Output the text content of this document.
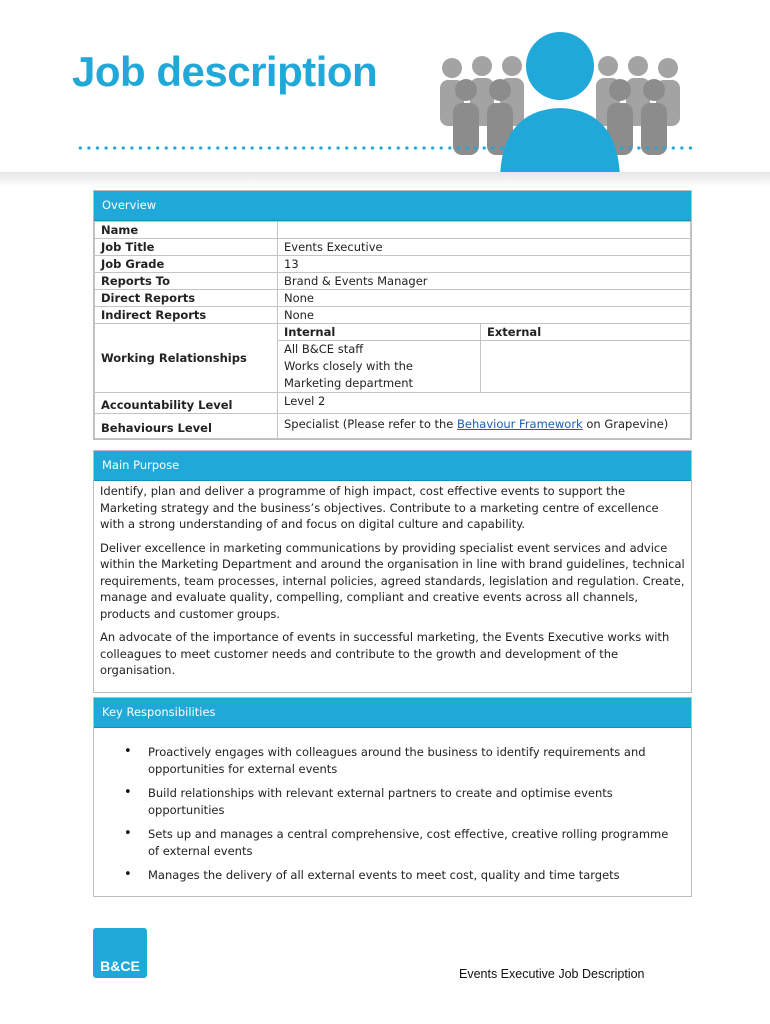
Job description
Overview
Name		
Job Title	Events Executive	
Job Grade	13	
Reports To	Brand & Events Manager	
Direct Reports	None	
Indirect Reports	None	
Working Relationships	Internal	External

	All B&CE staff
Works closely with the
Marketing department	

Accountability Level	Level 2	
Behaviours Level	Specialist (Please refer to the Behaviour Framework on Grapevine)	
Main Purpose

Identify, plan and deliver a programme of high impact, cost effective events to support the Marketing strategy and the business’s objectives. Contribute to a marketing centre of excellence with a strong understanding of and focus on digital culture and capability.

Deliver excellence in marketing communications by providing specialist event services and advice within the Marketing Department and around the organisation in line with brand guidelines, technical requirements, team processes, internal policies, agreed standards, legislation and regulation. Create, manage and evaluate quality, compelling, compliant and creative events across all channels, products and customer groups.

An advocate of the importance of events in successful marketing, the Events Executive works with colleagues to meet customer needs and contribute to the growth and development of the organisation.

Key Responsibilities
• Proactively engages with colleagues around the business to identify requirements and opportunities for external events
• Build relationships with relevant external partners to create and optimise events opportunities
• Sets up and manages a central comprehensive, cost effective, creative rolling programme of external events
• Manages the delivery of all external events to meet cost, quality and time targets
B&CE	Events Executive Job Description
